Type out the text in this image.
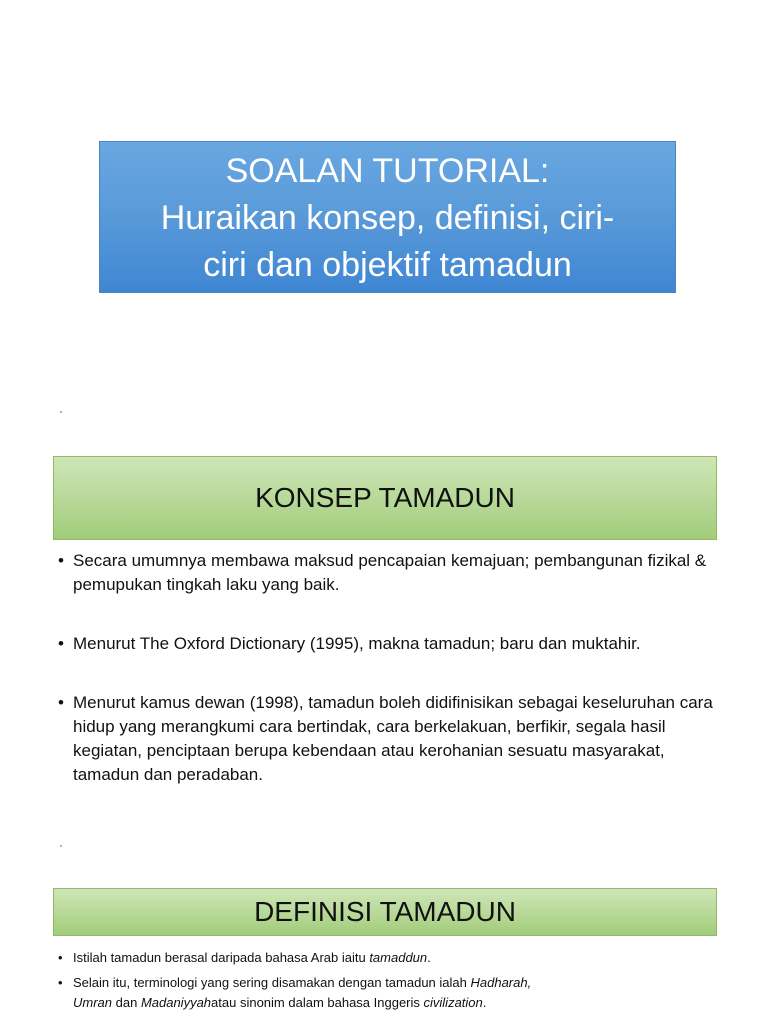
SOALAN TUTORIAL:
Huraikan konsep, definisi, ciri-
ciri dan objektif tamadun
KONSEP TAMADUN
• Secara umumnya membawa maksud pencapaian kemajuan; pembangunan fizikal & pemupukan tingkah laku yang baik.
• Menurut The Oxford Dictionary (1995), makna tamadun; baru dan muktahir.
• Menurut kamus dewan (1998), tamadun boleh didifinisikan sebagai keseluruhan cara hidup yang merangkumi cara bertindak, cara berkelakuan, berfikir, segala hasil kegiatan, penciptaan berupa kebendaan atau kerohanian sesuatu masyarakat, tamadun dan peradaban.
DEFINISI TAMADUN
• Istilah tamadun berasal daripada bahasa Arab iaitu tamaddun.
• Selain itu, terminologi yang sering disamakan dengan tamadun ialah Hadharah,
Umran dan Madaniyyahatau sinonim dalam bahasa Inggeris civilization.
